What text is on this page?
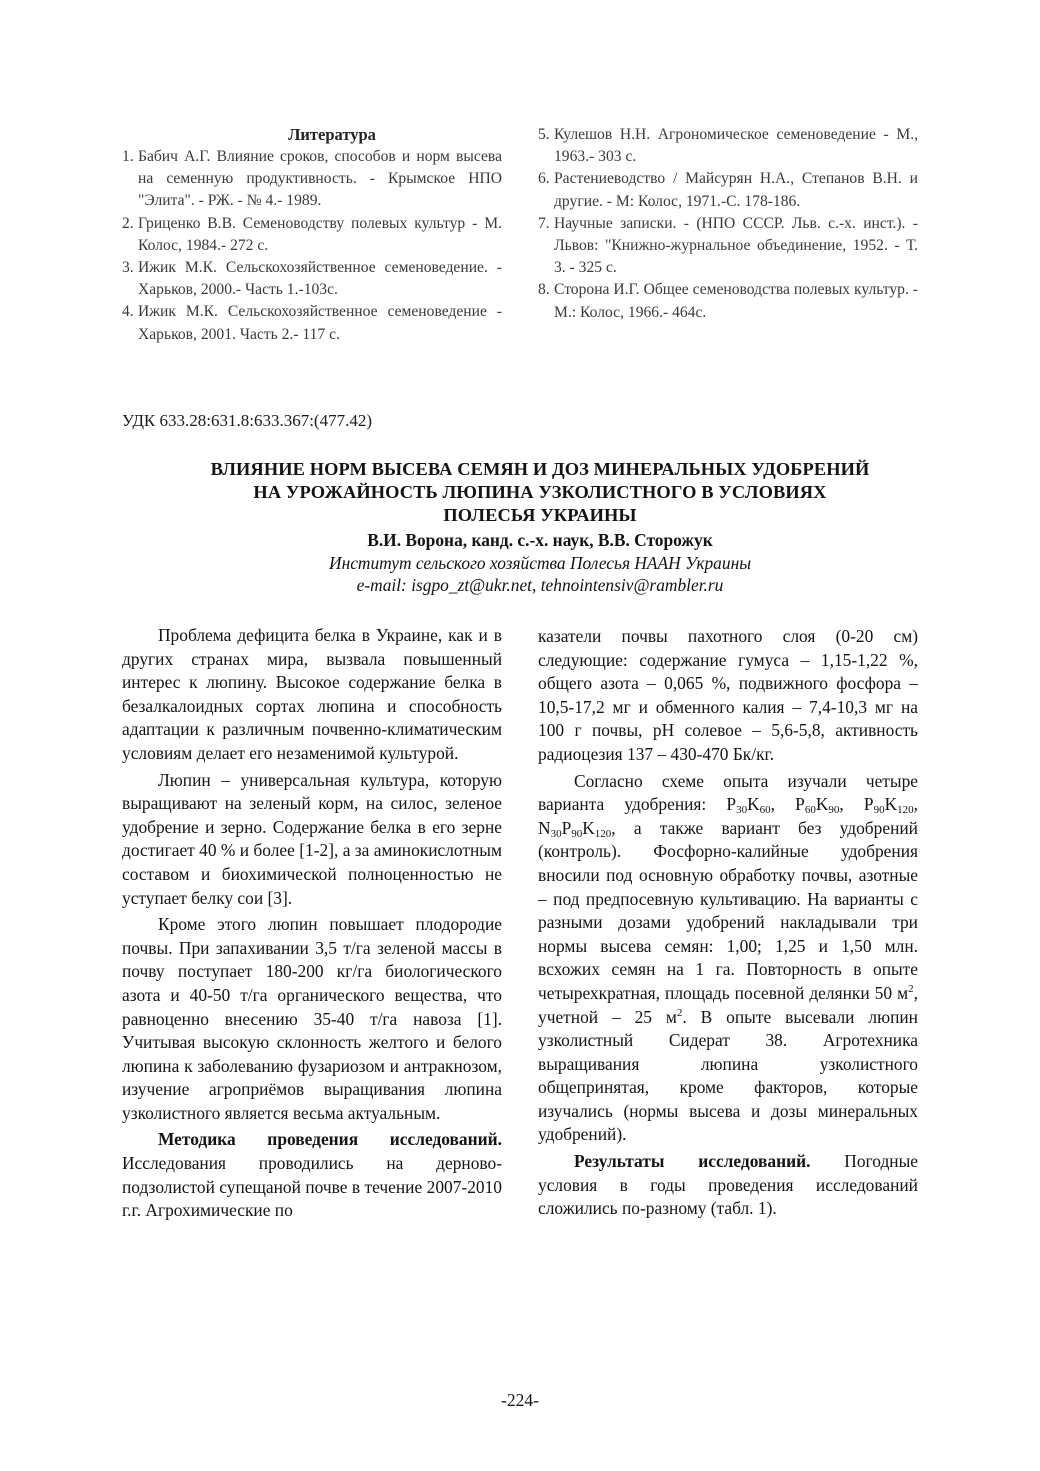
Литература
1. Бабич А.Г. Влияние сроков, способов и норм высева на семенную продуктивность. - Крымское НПО "Элита". - РЖ. - № 4.- 1989.
2. Гриценко В.В. Семеноводству полевых культур - М. Колос, 1984.- 272 с.
3. Ижик М.К. Сельскохозяйственное семеноведение. - Харьков, 2000.- Часть 1.-103с.
4. Ижик М.К. Сельскохозяйственное семеноведение - Харьков, 2001. Часть 2.- 117 с.
5. Кулешов Н.Н. Агрономическое семеноведение - М., 1963.- 303 с.
6. Растениеводство / Майсурян Н.А., Степанов В.Н. и другие. - М: Колос, 1971.-С. 178-186.
7. Научные записки. - (НПО СССР. Льв. с.-х. инст.). - Львов: "Книжно-журнальное объединение, 1952. - Т. 3. - 325 с.
8. Сторона И.Г. Общее семеноводства полевых культур. - М.: Колос, 1966.- 464с.
УДК 633.28:631.8:633.367:(477.42)
ВЛИЯНИЕ НОРМ ВЫСЕВА СЕМЯН И ДОЗ МИНЕРАЛЬНЫХ УДОБРЕНИЙ
НА УРОЖАЙНОСТЬ ЛЮПИНА УЗКОЛИСТНОГО В УСЛОВИЯХ
ПОЛЕСЬЯ УКРАИНЫ
В.И. Ворона, канд. с.-х. наук, В.В. Сторожук
Институт сельского хозяйства Полесья НААН Украины
e-mail: isgpo_zt@ukr.net, tehnointensiv@rambler.ru

Проблема дефицита белка в Украине, как и в других странах мира, вызвала повышенный интерес к люпину. Высокое содержание белка в безалкалоидных сортах люпина и способность адаптации к различным почвенно-климатическим условиям делает его незаменимой культурой.

Люпин – универсальная культура, которую выращивают на зеленый корм, на силос, зеленое удобрение и зерно. Содержание белка в его зерне достигает 40 % и более [1-2], а за аминокислотным составом и биохимической полноценностью не уступает белку сои [3].

Кроме этого люпин повышает плодородие почвы. При запахивании 3,5 т/га зеленой массы в почву поступает 180-200 кг/га биологического азота и 40-50 т/га органического вещества, что равноценно внесению 35-40 т/га навоза [1]. Учитывая высокую склонность желтого и белого люпина к заболеванию фузариозом и антракнозом, изучение агроприёмов выращивания люпина узколистного является весьма актуальным.

Методика проведения исследований. Исследования проводились на дерново-подзолистой супещаной почве в течение 2007-2010 г.г. Агрохимические по

казатели почвы пахотного слоя (0-20 см) следующие: содержание гумуса – 1,15-1,22 %, общего азота – 0,065 %, подвижного фосфора – 10,5-17,2 мг и обменного калия – 7,4-10,3 мг на 100 г почвы, рН солевое – 5,6-5,8, активность радиоцезия 137 – 430-470 Бк/кг.

Согласно схеме опыта изучали четыре варианта удобрения: $P_{30}K_{60}$, $P_{60}K_{90}$, $P_{90}K_{120}$, $N_{30}P_{90}K_{120}$, а также вариант без удобрений (контроль). Фосфорно-калийные удобрения вносили под основную обработку почвы, азотные – под предпосевную культивацию. На варианты с разными дозами удобрений накладывали три нормы высева семян: 1,00; 1,25 и 1,50 млн. всхожих семян на 1 га. Повторность в опыте четырехкратная, площадь посевной делянки 50 $м^2$, учетной – 25 $м^2$. В опыте высевали люпин узколистный Сидерат 38. Агротехника выращивания люпина узколистного общепринятая, кроме факторов, которые изучались (нормы высева и дозы минеральных удобрений).

Результаты исследований. Погодные условия в годы проведения исследований сложились по-разному (табл. 1).

-224-
